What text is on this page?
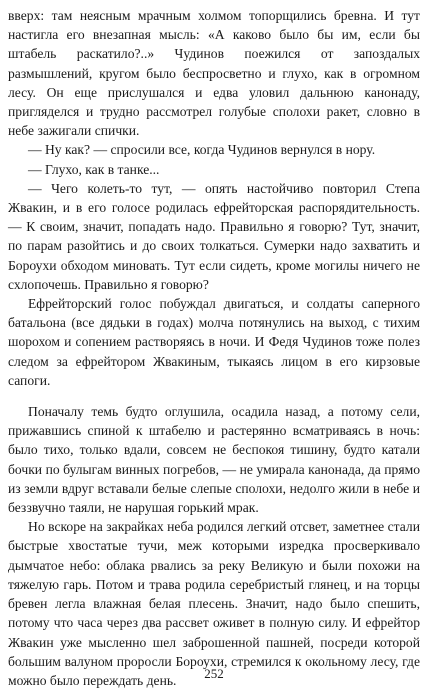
вверх: там неясным мрачным холмом топорщились бревна. И тут настигла его внезапная мысль: «А каково было бы им, если бы штабель раскатило?..» Чудинов поежился от запоздалых размышлений, кругом было беспросветно и глухо, как в огромном лесу. Он еще прислушался и едва уловил дальнюю канонаду, пригляделся и трудно рассмотрел голубые сполохи ракет, словно в небе зажигали спички.

— Ну как? — спросили все, когда Чудинов вернулся в нору.

— Глухо, как в танке...

— Чего колеть-то тут, — опять настойчиво повторил Степа Жвакин, и в его голосе родилась ефрейторская распорядительность. — К своим, значит, попадать надо. Правильно я говорю? Тут, значит, по парам разойтись и до своих толкаться. Сумерки надо захватить и Бороухи обходом миновать. Тут если сидеть, кроме могилы ничего не схлопочешь. Правильно я говорю?

Ефрейторский голос побуждал двигаться, и солдаты саперного батальона (все дядьки в годах) молча потянулись на выход, с тихим шорохом и сопением растворяясь в ночи. И Федя Чудинов тоже полез следом за ефрейтором Жвакиным, тыкаясь лицом в его кирзовые сапоги.

Поначалу темь будто оглушила, осадила назад, а потому сели, прижавшись спиной к штабелю и растерянно всматриваясь в ночь: было тихо, только вдали, совсем не беспокоя тишину, будто катали бочки по булыгам винных погребов, — не умирала канонада, да прямо из земли вдруг вставали белые слепые сполохи, недолго жили в небе и беззвучно таяли, не нарушая горький мрак.

Но вскоре на закрайках неба родился легкий отсвет, заметнее стали быстрые хвостатые тучи, меж которыми изредка просверкивало дымчатое небо: облака рвались за реку Великую и были похожи на тяжелую гарь. Потом и трава родила серебристый глянец, и на торцы бревен легла влажная белая плесень. Значит, надо было спешить, потому что часа через два рассвет оживет в полную силу. И ефрейтор Жвакин уже мысленно шел заброшенной пашней, посреди которой большим валуном проросли Бороухи, стремился к окольному лесу, где можно было переждать день.	252
